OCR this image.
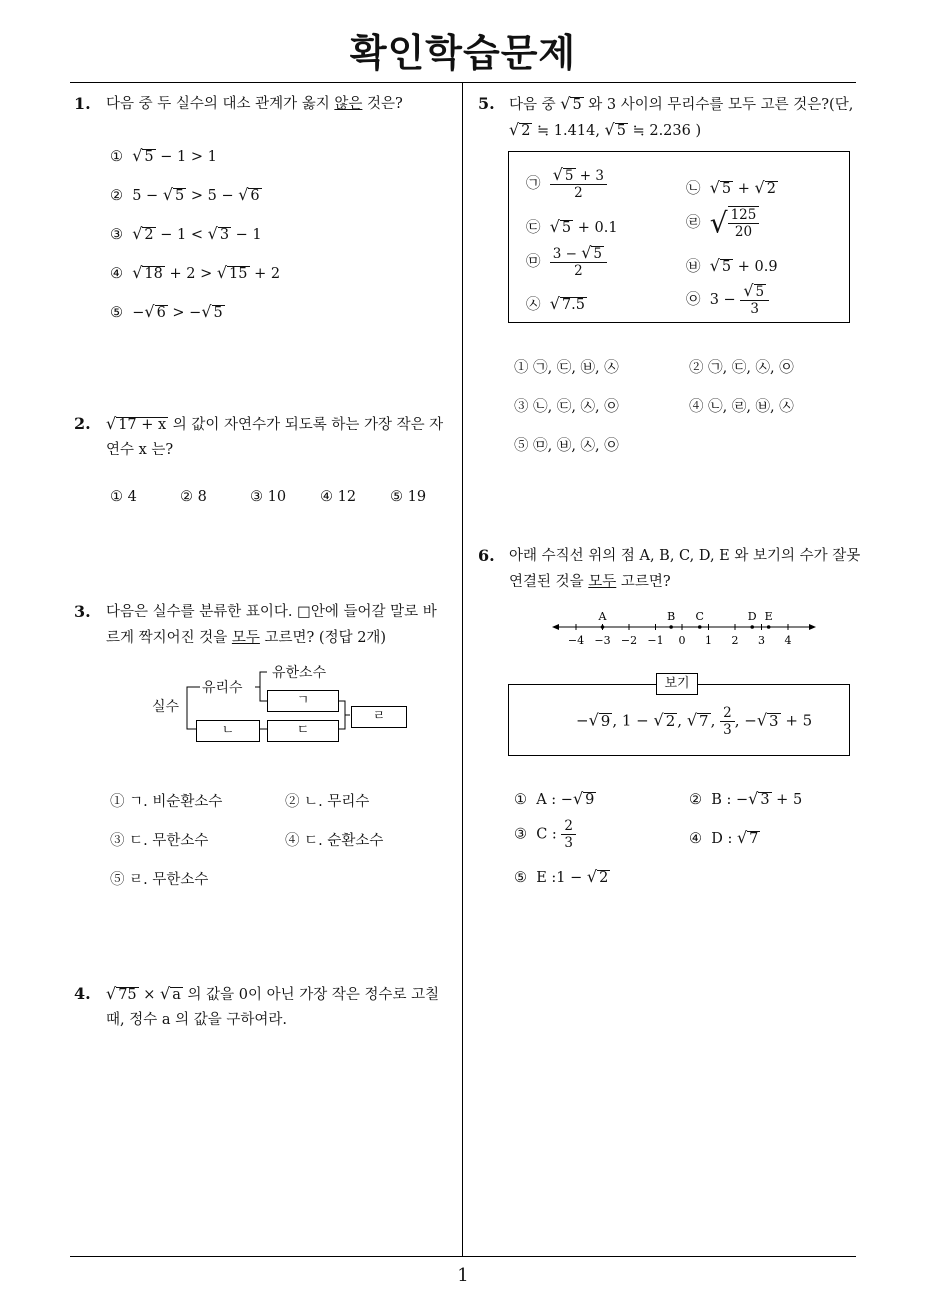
확인학습문제
1
1. 다음 중 두 실수의 대소 관계가 옳지 않은 것은?
① √ 5 − 1 > 1
② 5 − √ 5 > 5 − √ 6
③ √ 2 − 1 < √ 3 − 1
④ √ 18 + 2 > √ 15 + 2
⑤ −√ 6 > −√ 5
2. √ 17 + x 의 값이 자연수가 되도록 하는 가장 작은 자
연수 x 는?
① 4	② 8	③ 10 ④ 12 ⑤ 19
3. 다음은 실수를 분류한 표이다. □안에 들어갈 말로 바
르게 짝지어진 것을 모두 고르면? (정답 2개)
실수
유리수
유한소수
ㄱ
ㄴ	ㄷ
ㄹ
① ㄱ. 비순환소수	② ㄴ. 무리수
③ ㄷ. 무한소수	④ ㄷ. 순환소수
⑤ ㄹ. 무한소수
4. √ 75 × √ a 의 값을 0이 아닌 가장 작은 정수로 고칠
때, 정수 a 의 값을 구하여라.
5. 다음 중 √ 5 와 3 사이의 무리수를 모두 고른 것은?(단,
√ 2 ≒ 1.414, √ 5 ≒ 2.236 )
㉠ $\frac{√ 5 + 3}{2}$	㉡ √ 5 + √ 2
㉢ √ 5 + 0.1	㉣ √ $\frac{125}{20}$
㉤ $\frac{3 - √ 5}{2}$	㉥ √ 5 + 0.9
㉦ √ 7.5	㉧ $3 - \frac{√ 5}{3}$
① ㉠, ㉢, ㉥, ㉦	② ㉠, ㉢, ㉦, ㉧
③ ㉡, ㉢, ㉦, ㉧	④ ㉡, ㉣, ㉥, ㉦
⑤ ㉤, ㉥, ㉦, ㉧
6. 아래 수직선 위의 점 A, B, C, D, E 와 보기의 수가 잘못
연결된 것을 모두 고르면?
−4 −3 −2 −1 0 1 2 3 4
A	B C	D E
보기
−√ 9 , 1 − √ 2 , √ 7 , $\frac{2}{3}$ , −√ 3 + 5
① A : −√ 9	② B : −√ 3 + 5
③ C : $\frac{2}{3}$	④ D : √ 7
⑤ E :1 − √ 2
